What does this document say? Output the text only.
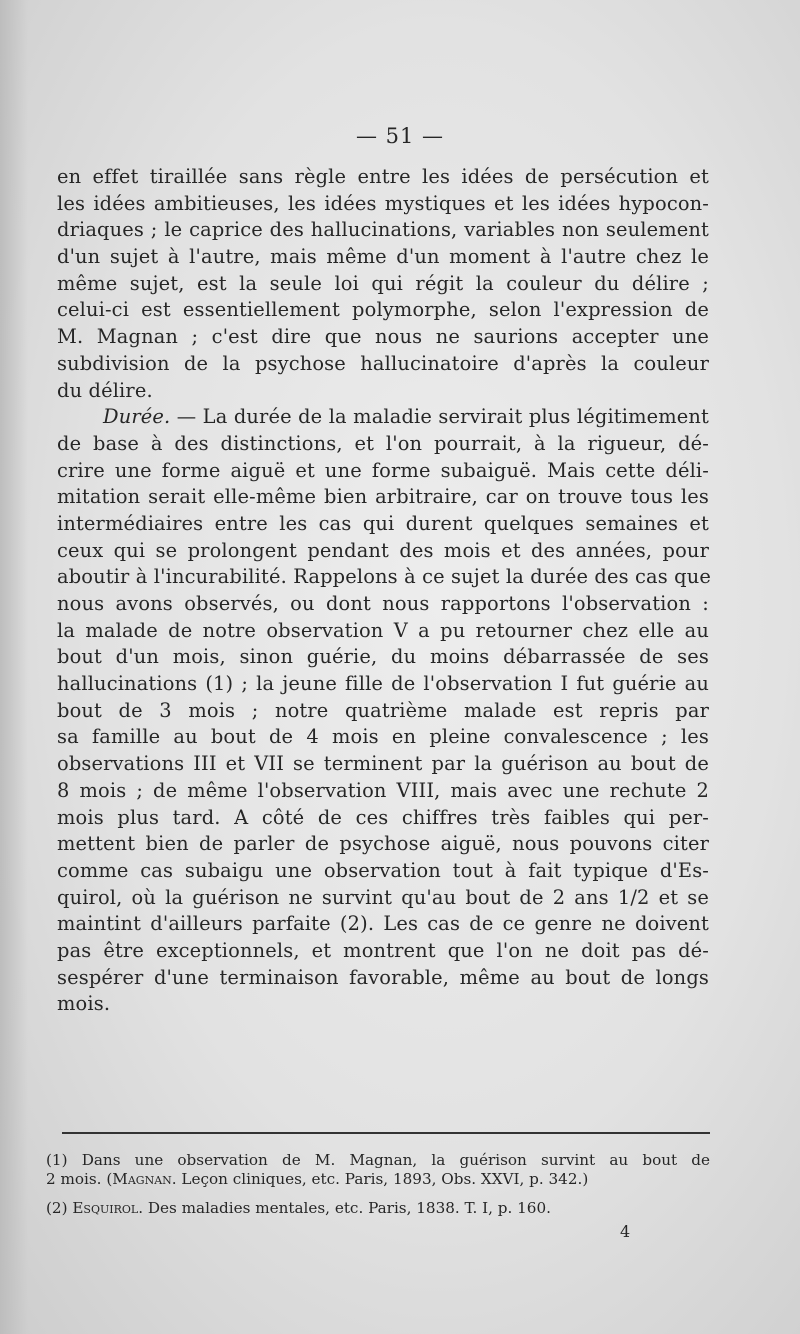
— 51 —
en effet tiraillée sans règle entre les idées de persécution et
les idées ambitieuses, les idées mystiques et les idées hypocon-
driaques ; le caprice des hallucinations, variables non seulement
d'un sujet à l'autre, mais même d'un moment à l'autre chez le
même sujet, est la seule loi qui régit la couleur du délire ;
celui-ci est essentiellement polymorphe, selon l'expression de
M. Magnan ; c'est dire que nous ne saurions accepter une
subdivision de la psychose hallucinatoire d'après la couleur
du délire.
Durée. — La durée de la maladie servirait plus légitimement
de base à des distinctions, et l'on pourrait, à la rigueur, dé-
crire une forme aiguë et une forme subaiguë. Mais cette déli-
mitation serait elle-même bien arbitraire, car on trouve tous les
intermédiaires entre les cas qui durent quelques semaines et
ceux qui se prolongent pendant des mois et des années, pour
aboutir à l'incurabilité. Rappelons à ce sujet la durée des cas que
nous avons observés, ou dont nous rapportons l'observation :
la malade de notre observation V a pu retourner chez elle au
bout d'un mois, sinon guérie, du moins débarrassée de ses
hallucinations (1) ; la jeune fille de l'observation I fut guérie au
bout de 3 mois ; notre quatrième malade est repris par
sa famille au bout de 4 mois en pleine convalescence ; les
observations III et VII se terminent par la guérison au bout de
8 mois ; de même l'observation VIII, mais avec une rechute 2
mois plus tard. A côté de ces chiffres très faibles qui per-
mettent bien de parler de psychose aiguë, nous pouvons citer
comme cas subaigu une observation tout à fait typique d'Es-
quirol, où la guérison ne survint qu'au bout de 2 ans 1/2 et se
maintint d'ailleurs parfaite (2). Les cas de ce genre ne doivent
pas être exceptionnels, et montrent que l'on ne doit pas dé-
sespérer d'une terminaison favorable, même au bout de longs
mois.
(1) Dans une observation de M. Magnan, la guérison survint au bout de
2 mois. (Magnan. Leçon cliniques, etc. Paris, 1893, Obs. XXVI, p. 342.)
(2) Esquirol. Des maladies mentales, etc. Paris, 1838. T. I, p. 160.
4
